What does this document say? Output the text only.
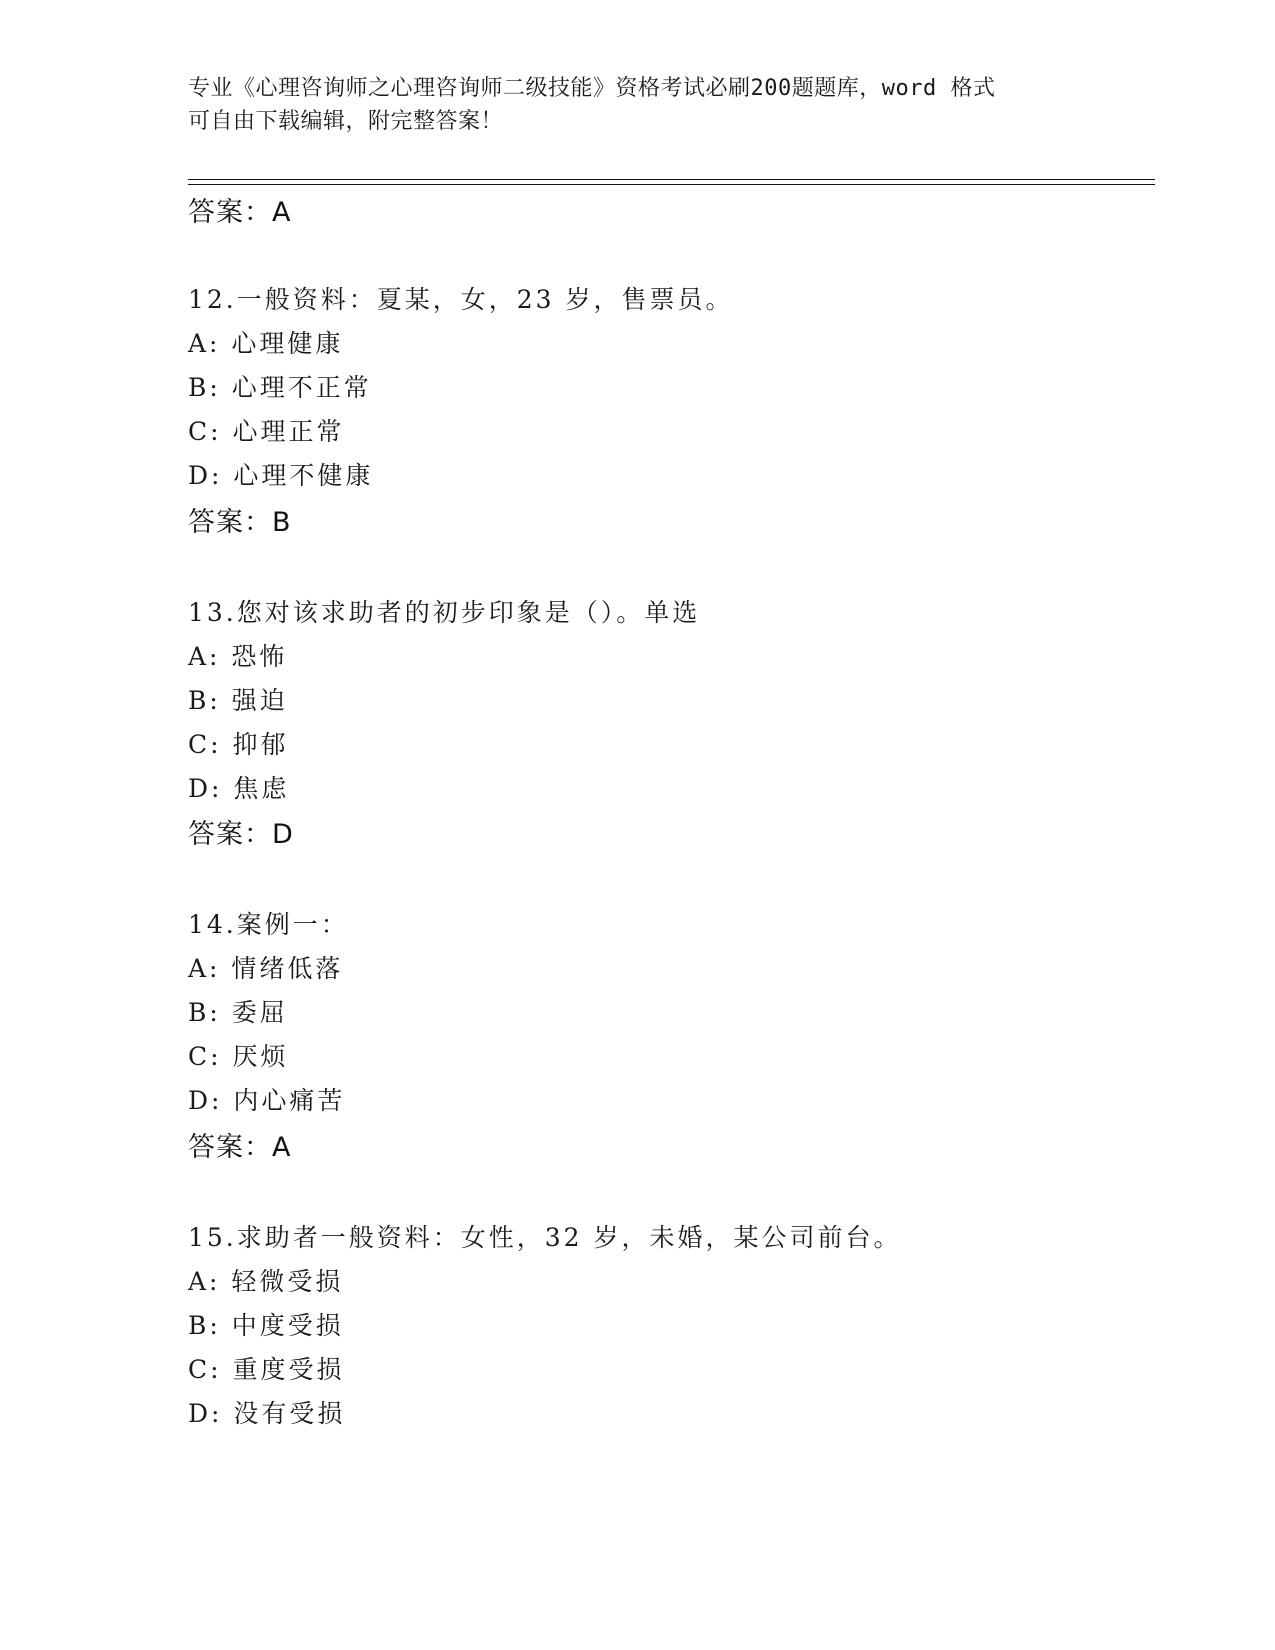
专业《心理咨询师之心理咨询师二级技能》资格考试必刷200题题库，word 格式
可自由下载编辑，附完整答案！
答案：A
12.一般资料：夏某，女，23 岁，售票员。
A: 心理健康
B: 心理不正常
C: 心理正常
D: 心理不健康
答案：B
13.您对该求助者的初步印象是（）。单选
A: 恐怖
B: 强迫
C: 抑郁
D: 焦虑
答案：D
14.案例一：
A: 情绪低落
B: 委屈
C: 厌烦
D: 内心痛苦
答案：A
15.求助者一般资料：女性，32 岁，未婚，某公司前台。
A: 轻微受损
B: 中度受损
C: 重度受损
D: 没有受损
